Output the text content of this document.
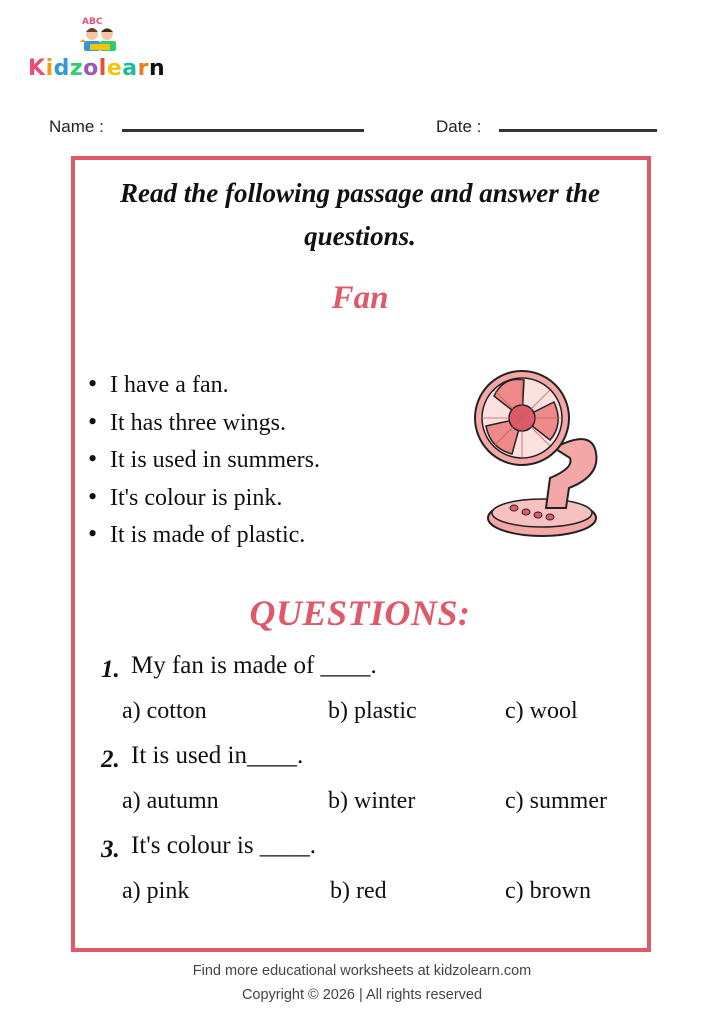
ABC
Kidzolearn
Name :	Date :
Read the following passage and answer the
questions.
Fan
• I have a fan.
• It has three wings.
• It is used in summers.
• It's colour is pink.
• It is made of plastic.
QUESTIONS:
1. My fan is made of ____.
a) cotton	b) plastic	c) wool
2. It is used in____.
a) autumn	b) winter	c) summer
3. It's colour is ____.
a) pink	b) red	c) brown
Find more educational worksheets at kidzolearn.com
Copyright © 2026 | All rights reserved
